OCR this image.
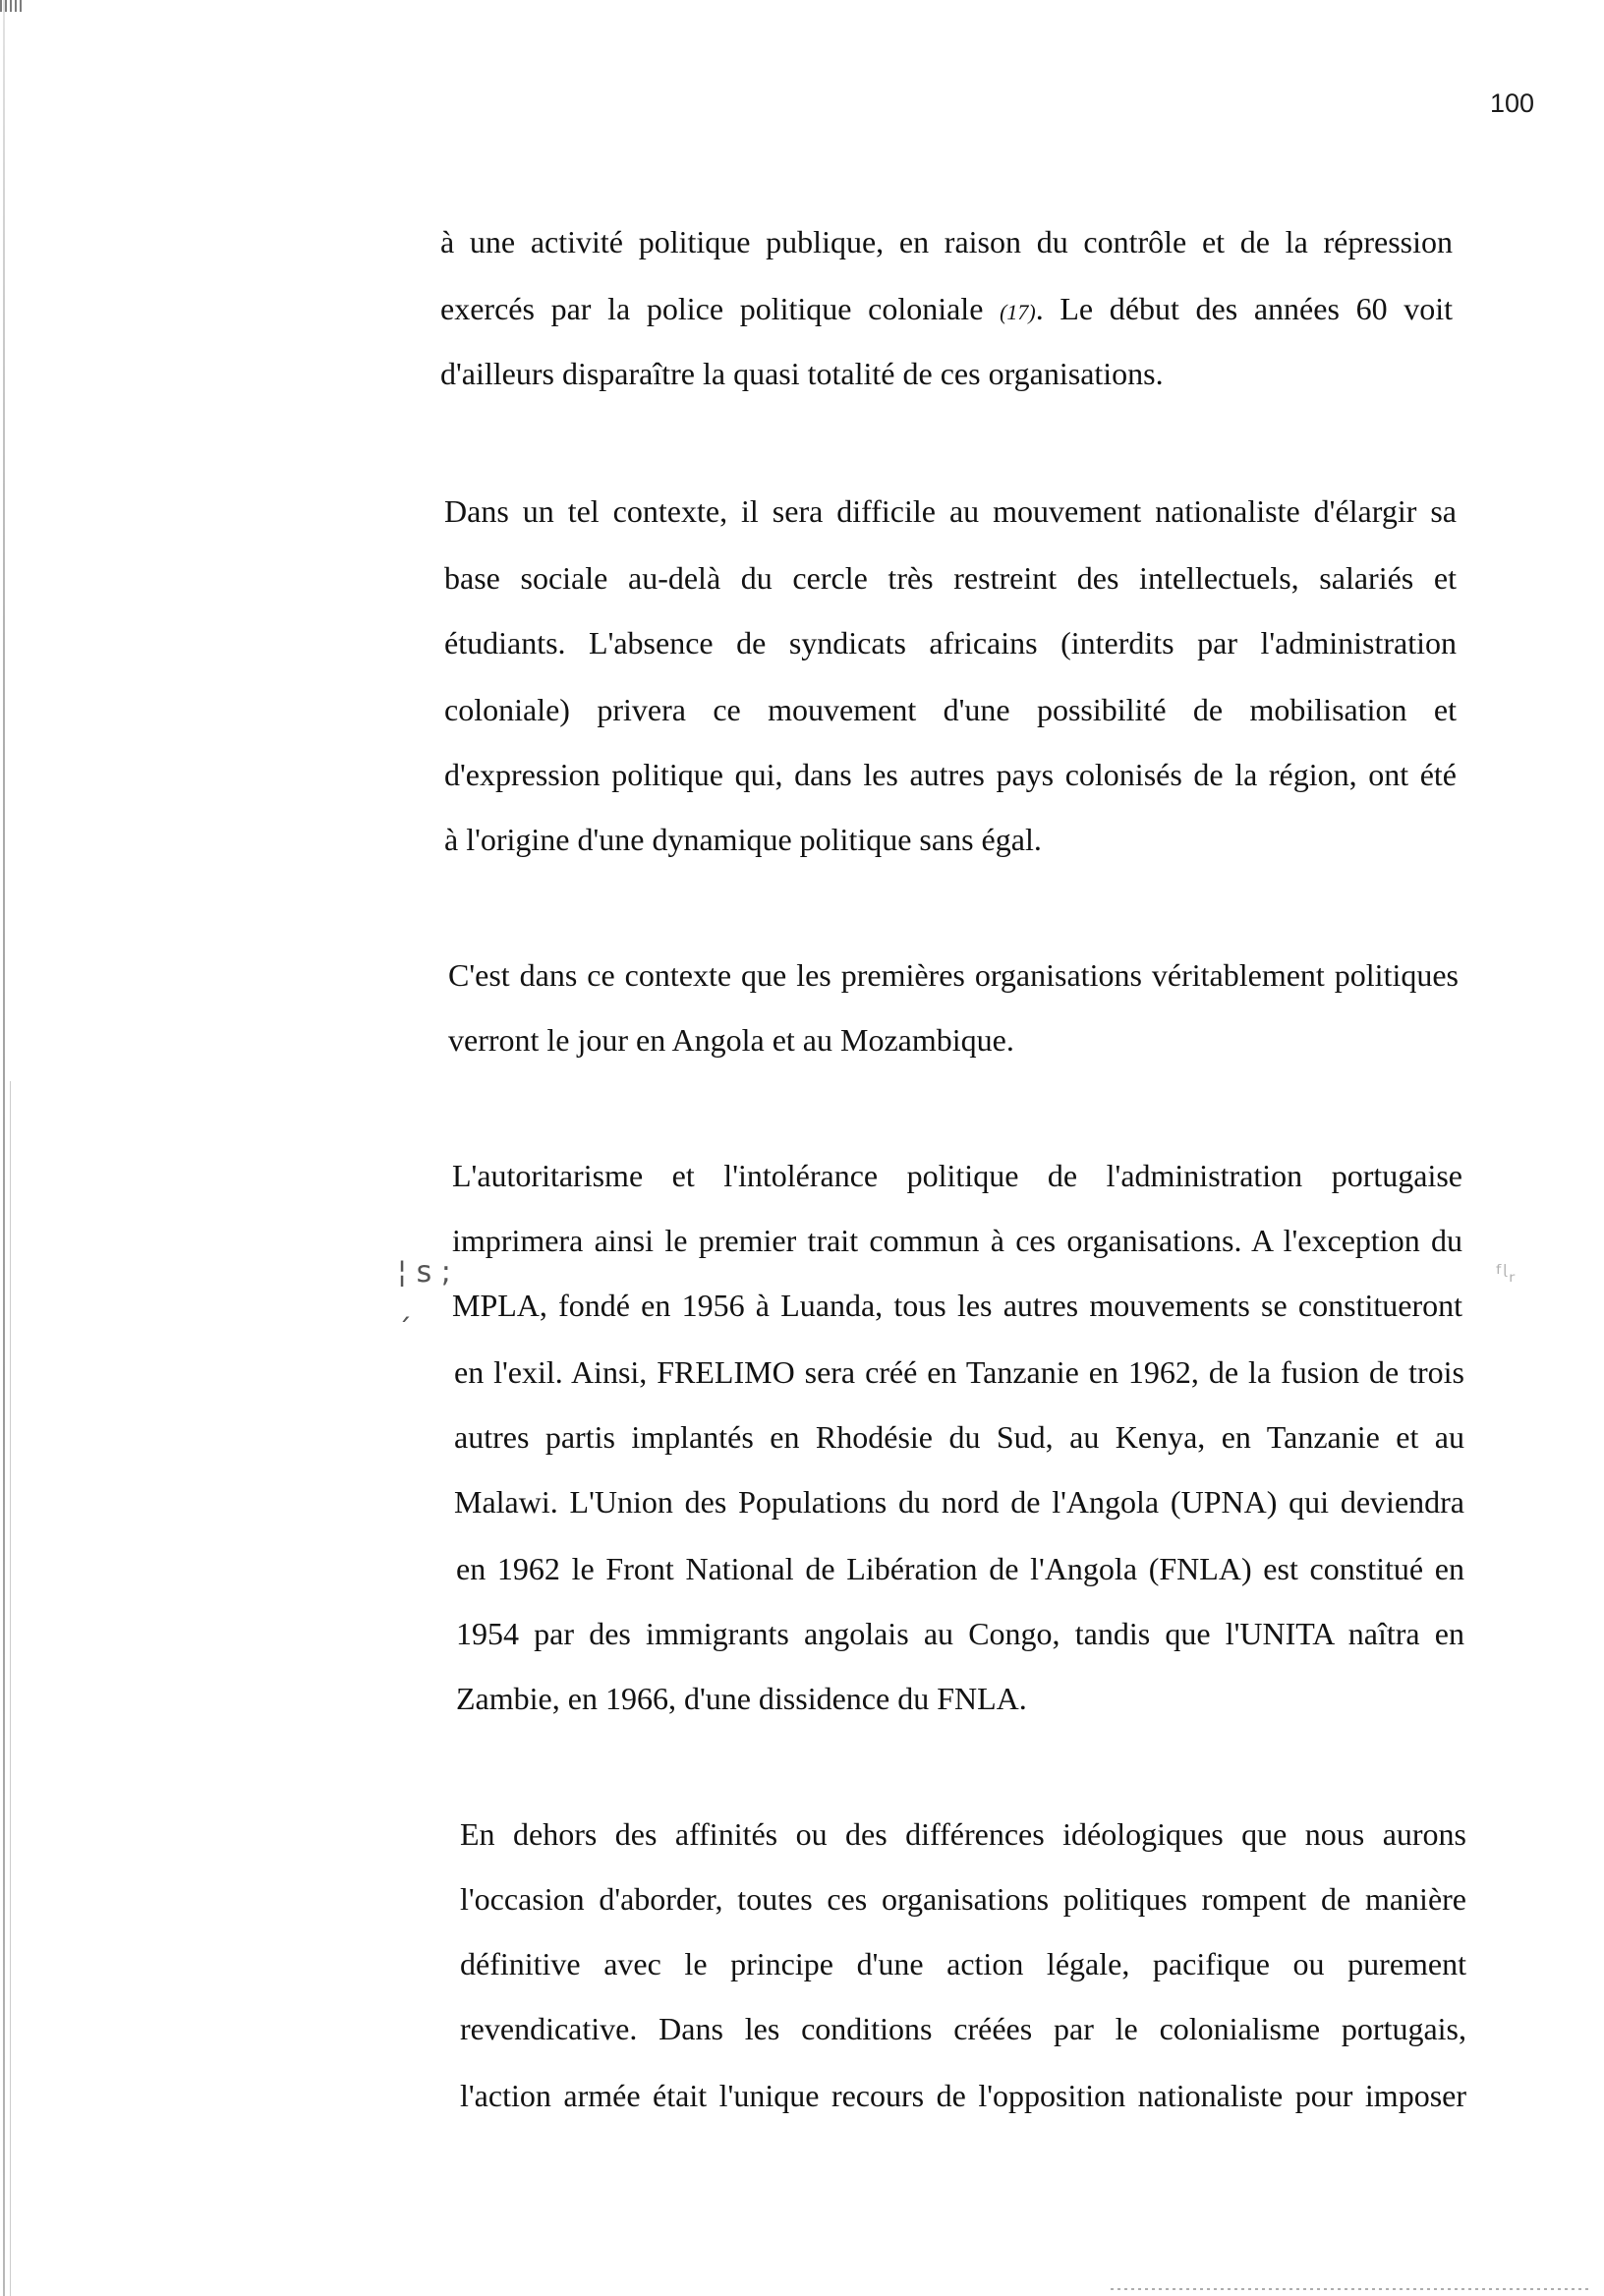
100
à une activité politique publique, en raison du contrôle et de la répression
exercés par la police politique coloniale (17). Le début des années 60 voit
d'ailleurs disparaître la quasi totalité de ces organisations.
Dans un tel contexte, il sera difficile au mouvement nationaliste d'élargir sa
base sociale au-delà du cercle très restreint des intellectuels, salariés et
étudiants. L'absence de syndicats africains (interdits par l'administration
coloniale) privera ce mouvement d'une possibilité de mobilisation et
d'expression politique qui, dans les autres pays colonisés de la région, ont été
à l'origine d'une dynamique politique sans égal.
C'est dans ce contexte que les premières organisations véritablement politiques
verront le jour en Angola et au Mozambique.
L'autoritarisme et l'intolérance politique de l'administration portugaise
imprimera ainsi le premier trait commun à ces organisations. A l'exception du
MPLA, fondé en 1956 à Luanda, tous les autres mouvements se constitueront
en l'exil. Ainsi, FRELIMO sera créé en Tanzanie en 1962, de la fusion de trois
autres partis implantés en Rhodésie du Sud, au Kenya, en Tanzanie et au
Malawi. L'Union des Populations du nord de l'Angola (UPNA) qui deviendra
en 1962 le Front National de Libération de l'Angola (FNLA) est constitué en
1954 par des immigrants angolais au Congo, tandis que l'UNITA naîtra en
Zambie, en 1966, d'une dissidence du FNLA.
En dehors des affinités ou des différences idéologiques que nous aurons
l'occasion d'aborder, toutes ces organisations politiques rompent de manière
définitive avec le principe d'une action légale, pacifique ou purement
revendicative. Dans les conditions créées par le colonialisme portugais,
l'action armée était l'unique recours de l'opposition nationaliste pour imposer
¦ ꜱ ; ˏ
ᶠᶩᵣ
